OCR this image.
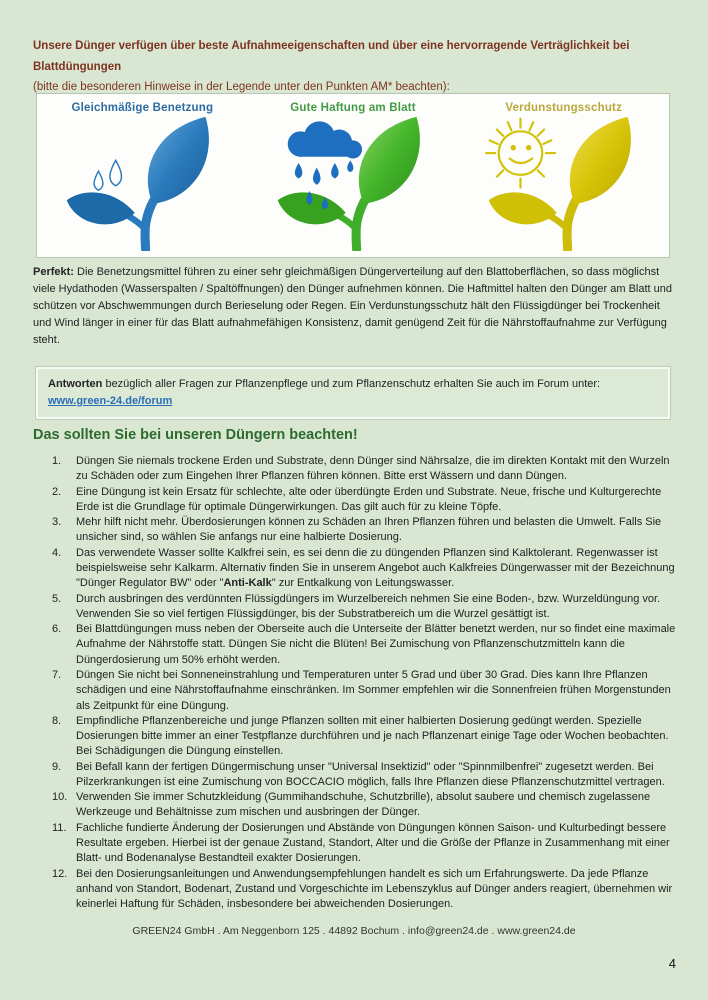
Unsere Dünger verfügen über beste Aufnahmeeigenschaften und über eine hervorragende Verträglichkeit bei Blattdüngungen
(bitte die besonderen Hinweise in der Legende unter den Punkten AM* beachten):
Gleichmäßige Benetzung	Gute Haftung am Blatt	Verdunstungsschutz
Perfekt: Die Benetzungsmittel führen zu einer sehr gleichmäßigen Düngerverteilung auf den Blattoberflächen, so dass möglichst viele Hydathoden (Wasserspalten / Spaltöffnungen) den Dünger aufnehmen können. Die Haftmittel halten den Dünger am Blatt und schützen vor Abschwemmungen durch Berieselung oder Regen. Ein Verdunstungsschutz hält den Flüssigdünger bei Trockenheit und Wind länger in einer für das Blatt aufnahmefähigen Konsistenz, damit genügend Zeit für die Nährstoffaufnahme zur Verfügung steht.
Antworten bezüglich aller Fragen zur Pflanzenpflege und zum Pflanzenschutz erhalten Sie auch im Forum unter:
www.green-24.de/forum
Das sollten Sie bei unseren Düngern beachten!
1.	Düngen Sie niemals trockene Erden und Substrate, denn Dünger sind Nährsalze, die im direkten Kontakt mit den Wurzeln zu Schäden oder zum Eingehen Ihrer Pflanzen führen können. Bitte erst Wässern und dann Düngen.
2.	Eine Düngung ist kein Ersatz für schlechte, alte oder überdüngte Erden und Substrate. Neue, frische und Kulturgerechte Erde ist die Grundlage für optimale Düngerwirkungen. Das gilt auch für zu kleine Töpfe.
3.	Mehr hilft nicht mehr. Überdosierungen können zu Schäden an Ihren Pflanzen führen und belasten die Umwelt. Falls Sie unsicher sind, so wählen Sie anfangs nur eine halbierte Dosierung.
4.	Das verwendete Wasser sollte Kalkfrei sein, es sei denn die zu düngenden Pflanzen sind Kalktolerant. Regenwasser ist beispielsweise sehr Kalkarm. Alternativ finden Sie in unserem Angebot auch Kalkfreies Düngerwasser mit der Bezeichnung "Dünger Regulator BW" oder "Anti-Kalk" zur Entkalkung von Leitungswasser.
5.	Durch ausbringen des verdünnten Flüssigdüngers im Wurzelbereich nehmen Sie eine Boden-, bzw. Wurzeldüngung vor. Verwenden Sie so viel fertigen Flüssigdünger, bis der Substratbereich um die Wurzel gesättigt ist.
6.	Bei Blattdüngungen muss neben der Oberseite auch die Unterseite der Blätter benetzt werden, nur so findet eine maximale Aufnahme der Nährstoffe statt. Düngen Sie nicht die Blüten! Bei Zumischung von Pflanzenschutzmitteln kann die Düngerdosierung um 50% erhöht werden.
7.	Düngen Sie nicht bei Sonneneinstrahlung und Temperaturen unter 5 Grad und über 30 Grad. Dies kann Ihre Pflanzen schädigen und eine Nährstoffaufnahme einschränken. Im Sommer empfehlen wir die Sonnenfreien frühen Morgenstunden als Zeitpunkt für eine Düngung.
8.	Empfindliche Pflanzenbereiche und junge Pflanzen sollten mit einer halbierten Dosierung gedüngt werden. Spezielle Dosierungen bitte immer an einer Testpflanze durchführen und je nach Pflanzenart einige Tage oder Wochen beobachten. Bei Schädigungen die Düngung einstellen.
9.	Bei Befall kann der fertigen Düngermischung unser "Universal Insektizid" oder "Spinnmilbenfrei" zugesetzt werden. Bei Pilzerkrankungen ist eine Zumischung von BOCCACIO möglich, falls Ihre Pflanzen diese Pflanzenschutzmittel vertragen.
10. Verwenden Sie immer Schutzkleidung (Gummihandschuhe, Schutzbrille), absolut saubere und chemisch zugelassene Werkzeuge und Behältnisse zum mischen und ausbringen der Dünger.
11. Fachliche fundierte Änderung der Dosierungen und Abstände von Düngungen können Saison- und Kulturbedingt bessere Resultate ergeben. Hierbei ist der genaue Zustand, Standort, Alter und die Größe der Pflanze in Zusammenhang mit einer Blatt- und Bodenanalyse Bestandteil exakter Dosierungen.
12. Bei den Dosierungsanleitungen und Anwendungsempfehlungen handelt es sich um Erfahrungswerte. Da jede Pflanze anhand von Standort, Bodenart, Zustand und Vorgeschichte im Lebenszyklus auf Dünger anders reagiert, übernehmen wir keinerlei Haftung für Schäden, insbesondere bei abweichenden Dosierungen.
GREEN24 GmbH . Am Neggenborn 125 . 44892 Bochum . info@green24.de . www.green24.de
4
